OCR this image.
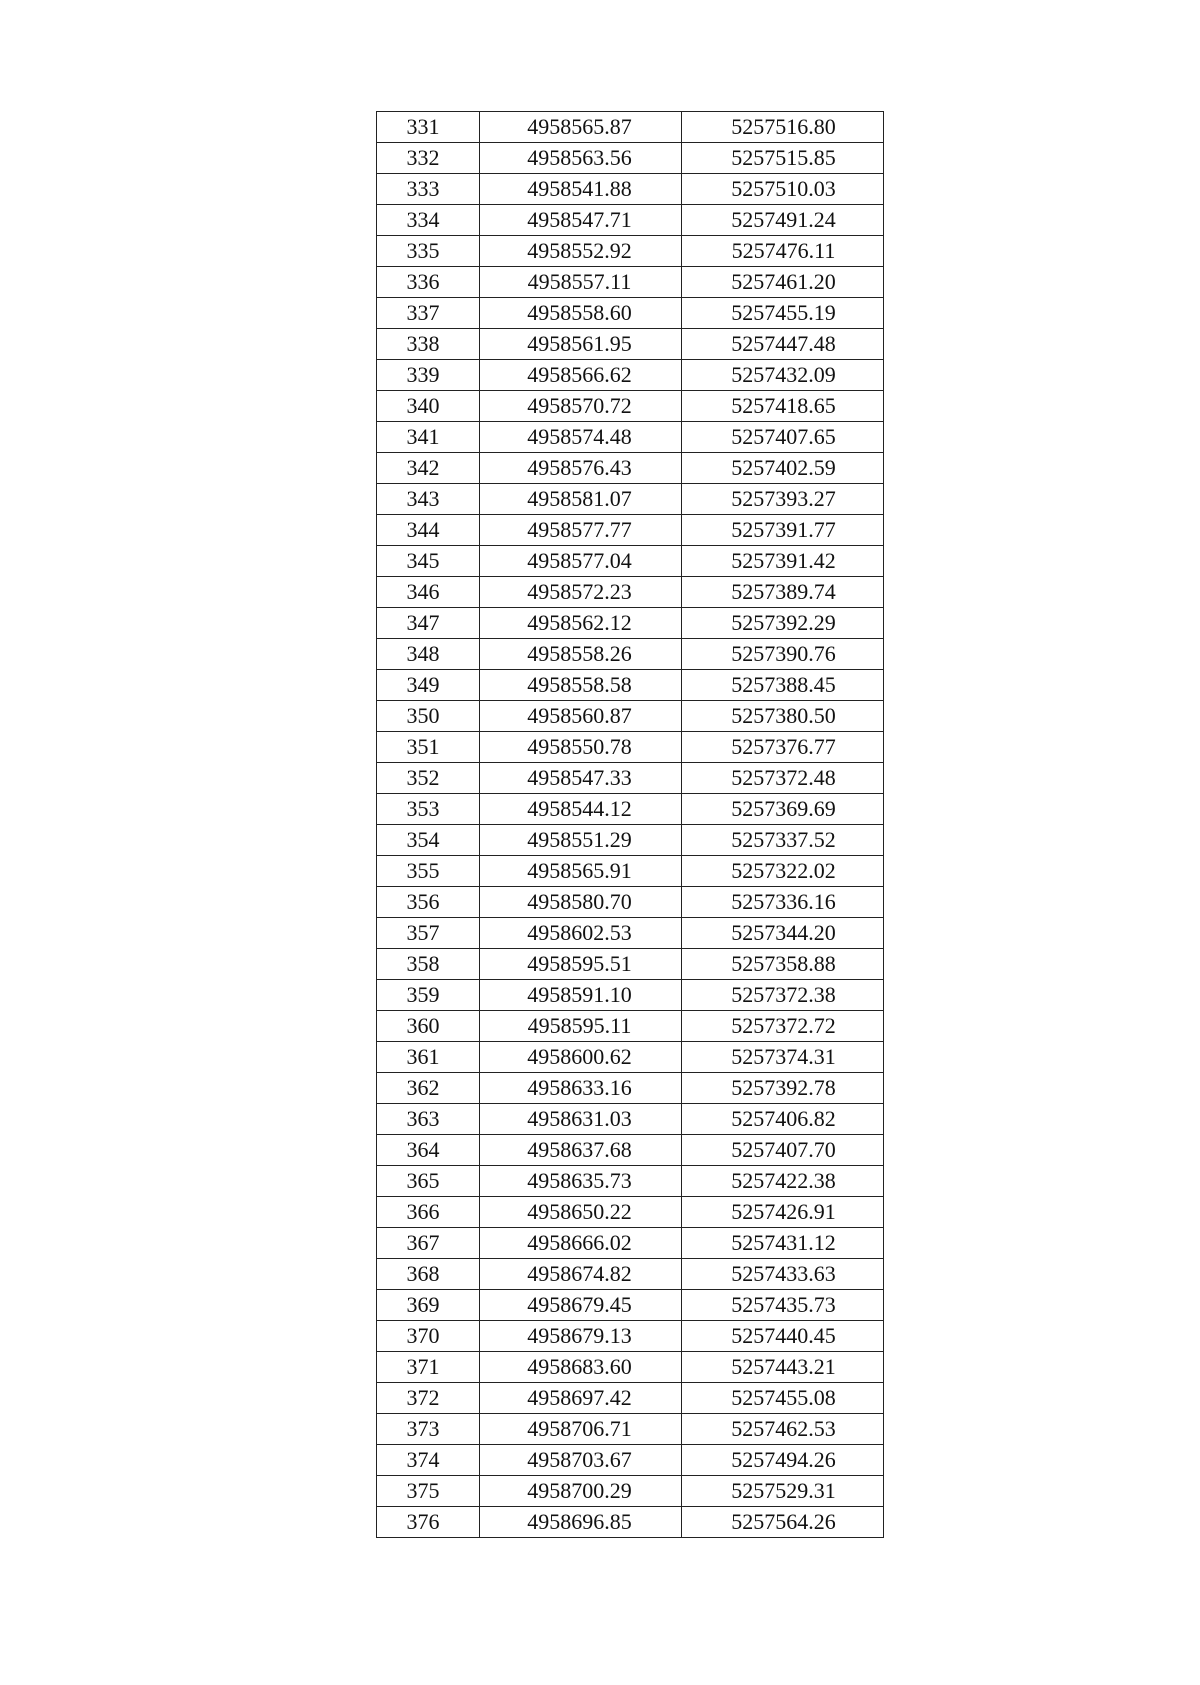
331	4958565.87	5257516.80
332	4958563.56	5257515.85
333	4958541.88	5257510.03
334	4958547.71	5257491.24
335	4958552.92	5257476.11
336	4958557.11	5257461.20
337	4958558.60	5257455.19
338	4958561.95	5257447.48
339	4958566.62	5257432.09
340	4958570.72	5257418.65
341	4958574.48	5257407.65
342	4958576.43	5257402.59
343	4958581.07	5257393.27
344	4958577.77	5257391.77
345	4958577.04	5257391.42
346	4958572.23	5257389.74
347	4958562.12	5257392.29
348	4958558.26	5257390.76
349	4958558.58	5257388.45
350	4958560.87	5257380.50
351	4958550.78	5257376.77
352	4958547.33	5257372.48
353	4958544.12	5257369.69
354	4958551.29	5257337.52
355	4958565.91	5257322.02
356	4958580.70	5257336.16
357	4958602.53	5257344.20
358	4958595.51	5257358.88
359	4958591.10	5257372.38
360	4958595.11	5257372.72
361	4958600.62	5257374.31
362	4958633.16	5257392.78
363	4958631.03	5257406.82
364	4958637.68	5257407.70
365	4958635.73	5257422.38
366	4958650.22	5257426.91
367	4958666.02	5257431.12
368	4958674.82	5257433.63
369	4958679.45	5257435.73
370	4958679.13	5257440.45
371	4958683.60	5257443.21
372	4958697.42	5257455.08
373	4958706.71	5257462.53
374	4958703.67	5257494.26
375	4958700.29	5257529.31
376	4958696.85	5257564.26
